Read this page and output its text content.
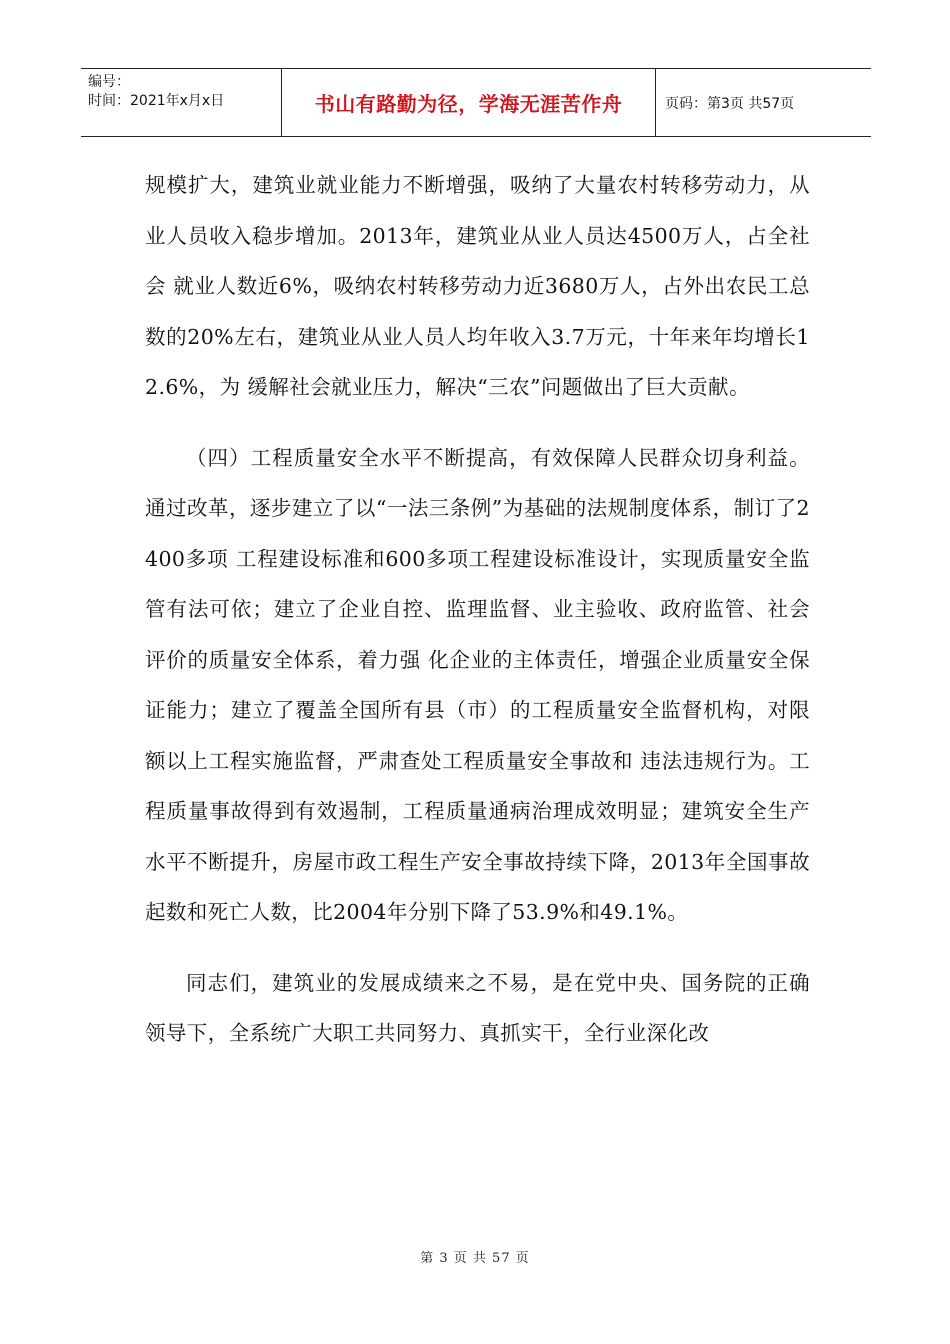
编号：
时间：2021年x月x日	书山有路勤为径，学海无涯苦作舟	页码：第3页 共57页

规模扩大，建筑业就业能力不断增强，吸纳了大量农村转移劳动力，从业人员收入稳步增加。2013年，建筑业从业人员达4500万人，占全社会 就业人数近6%，吸纳农村转移劳动力近3680万人，占外出农民工总数的20%左右，建筑业从业人员人均年收入3.7万元，十年来年均增长12.6%，为 缓解社会就业压力，解决“三农”问题做出了巨大贡献。

（四）工程质量安全水平不断提高，有效保障人民群众切身利益。通过改革，逐步建立了以“一法三条例”为基础的法规制度体系，制订了2400多项 工程建设标准和600多项工程建设标准设计，实现质量安全监管有法可依；建立了企业自控、监理监督、业主验收、政府监管、社会评价的质量安全体系，着力强 化企业的主体责任，增强企业质量安全保证能力；建立了覆盖全国所有县（市）的工程质量安全监督机构，对限额以上工程实施监督，严肃查处工程质量安全事故和 违法违规行为。工程质量事故得到有效遏制，工程质量通病治理成效明显；建筑安全生产水平不断提升，房屋市政工程生产安全事故持续下降，2013年全国事故 起数和死亡人数，比2004年分别下降了53.9%和49.1%。

同志们，建筑业的发展成绩来之不易，是在党中央、国务院的正确领导下，全系统广大职工共同努力、真抓实干，全行业深化改

第 3 页 共 57 页
